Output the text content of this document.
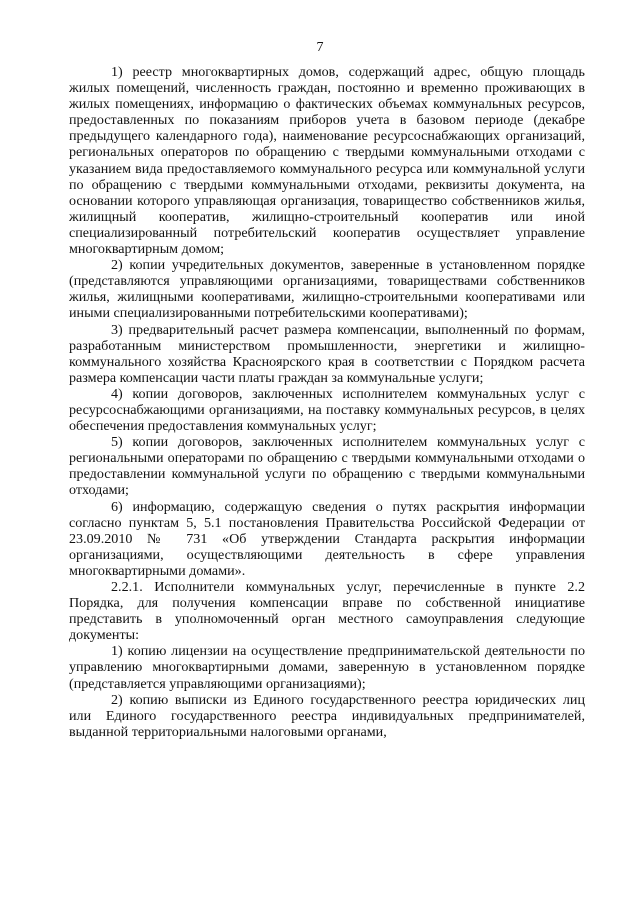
7

1) реестр многоквартирных домов, содержащий адрес, общую площадь жилых помещений, численность граждан, постоянно и временно проживающих в жилых помещениях, информацию о фактических объемах коммунальных ресурсов, предоставленных по показаниям приборов учета в базовом периоде (декабре предыдущего календарного года), наименование ресурсоснабжающих организаций, региональных операторов по обращению с твердыми коммунальными отходами с указанием вида предоставляемого коммунального ресурса или коммунальной услуги по обращению с твердыми коммунальными отходами, реквизиты документа, на основании которого управляющая организация, товарищество собственников жилья, жилищный кооператив, жилищно-строительный кооператив или иной специализированный потребительский кооператив осуществляет управление многоквартирным домом;

2) копии учредительных документов, заверенные в установленном порядке (представляются управляющими организациями, товариществами собственников жилья, жилищными кооперативами, жилищно-строительными кооперативами или иными специализированными потребительскими кооперативами);

3) предварительный расчет размера компенсации, выполненный по формам, разработанным министерством промышленности, энергетики и жилищно-коммунального хозяйства Красноярского края в соответствии с Порядком расчета размера компенсации части платы граждан за коммунальные услуги;

4) копии договоров, заключенных исполнителем коммунальных услуг с ресурсоснабжающими организациями, на поставку коммунальных ресурсов, в целях обеспечения предоставления коммунальных услуг;

5) копии договоров, заключенных исполнителем коммунальных услуг с региональными операторами по обращению с твердыми коммунальными отходами о предоставлении коммунальной услуги по обращению с твердыми коммунальными отходами;

6) информацию, содержащую сведения о путях раскрытия информации согласно пунктам 5, 5.1 постановления Правительства Российской Федерации от 23.09.2010 № 731 «Об утверждении Стандарта раскрытия информации организациями, осуществляющими деятельность в сфере управления многоквартирными домами».

2.2.1. Исполнители коммунальных услуг, перечисленные в пункте 2.2 Порядка, для получения компенсации вправе по собственной инициативе представить в уполномоченный орган местного самоуправления следующие документы:

1) копию лицензии на осуществление предпринимательской деятельности по управлению многоквартирными домами, заверенную в установленном порядке (представляется управляющими организациями);

2) копию выписки из Единого государственного реестра юридических лиц или Единого государственного реестра индивидуальных предпринимателей, выданной территориальными налоговыми органами,
